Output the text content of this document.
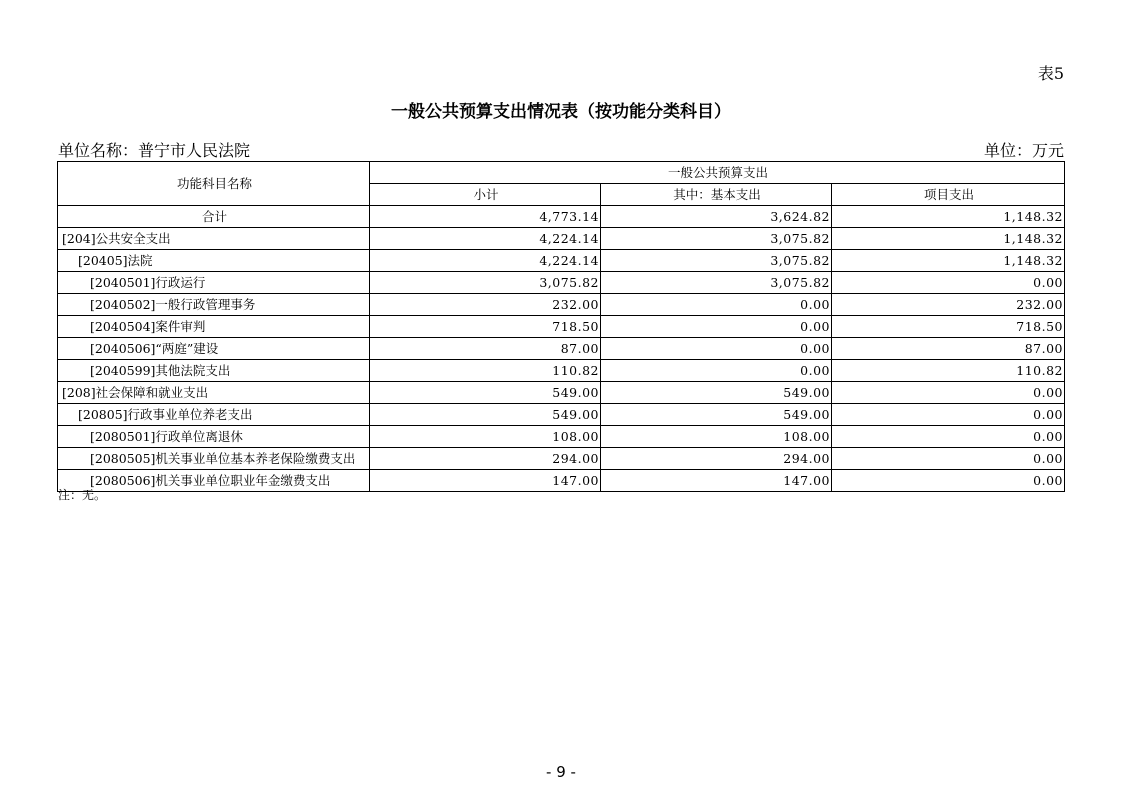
表5
一般公共预算支出情况表（按功能分类科目）
单位名称：普宁市人民法院	单位：万元
功能科目名称	一般公共预算支出		
	小计	其中：基本支出	项目支出
合计	4,773.14	3,624.82	1,148.32
[204]公共安全支出	4,224.14	3,075.82	1,148.32
[20405]法院	4,224.14	3,075.82	1,148.32
[2040501]行政运行	3,075.82	3,075.82	0.00
[2040502]一般行政管理事务	232.00	0.00	232.00
[2040504]案件审判	718.50	0.00	718.50
[2040506]“两庭”建设	87.00	0.00	87.00
[2040599]其他法院支出	110.82	0.00	110.82
[208]社会保障和就业支出	549.00	549.00	0.00
[20805]行政事业单位养老支出	549.00	549.00	0.00
[2080501]行政单位离退休	108.00	108.00	0.00
[2080505]机关事业单位基本养老保险缴费支出	294.00	294.00	0.00
[2080506]机关事业单位职业年金缴费支出	147.00	147.00	0.00
注：无。
- 9 -
